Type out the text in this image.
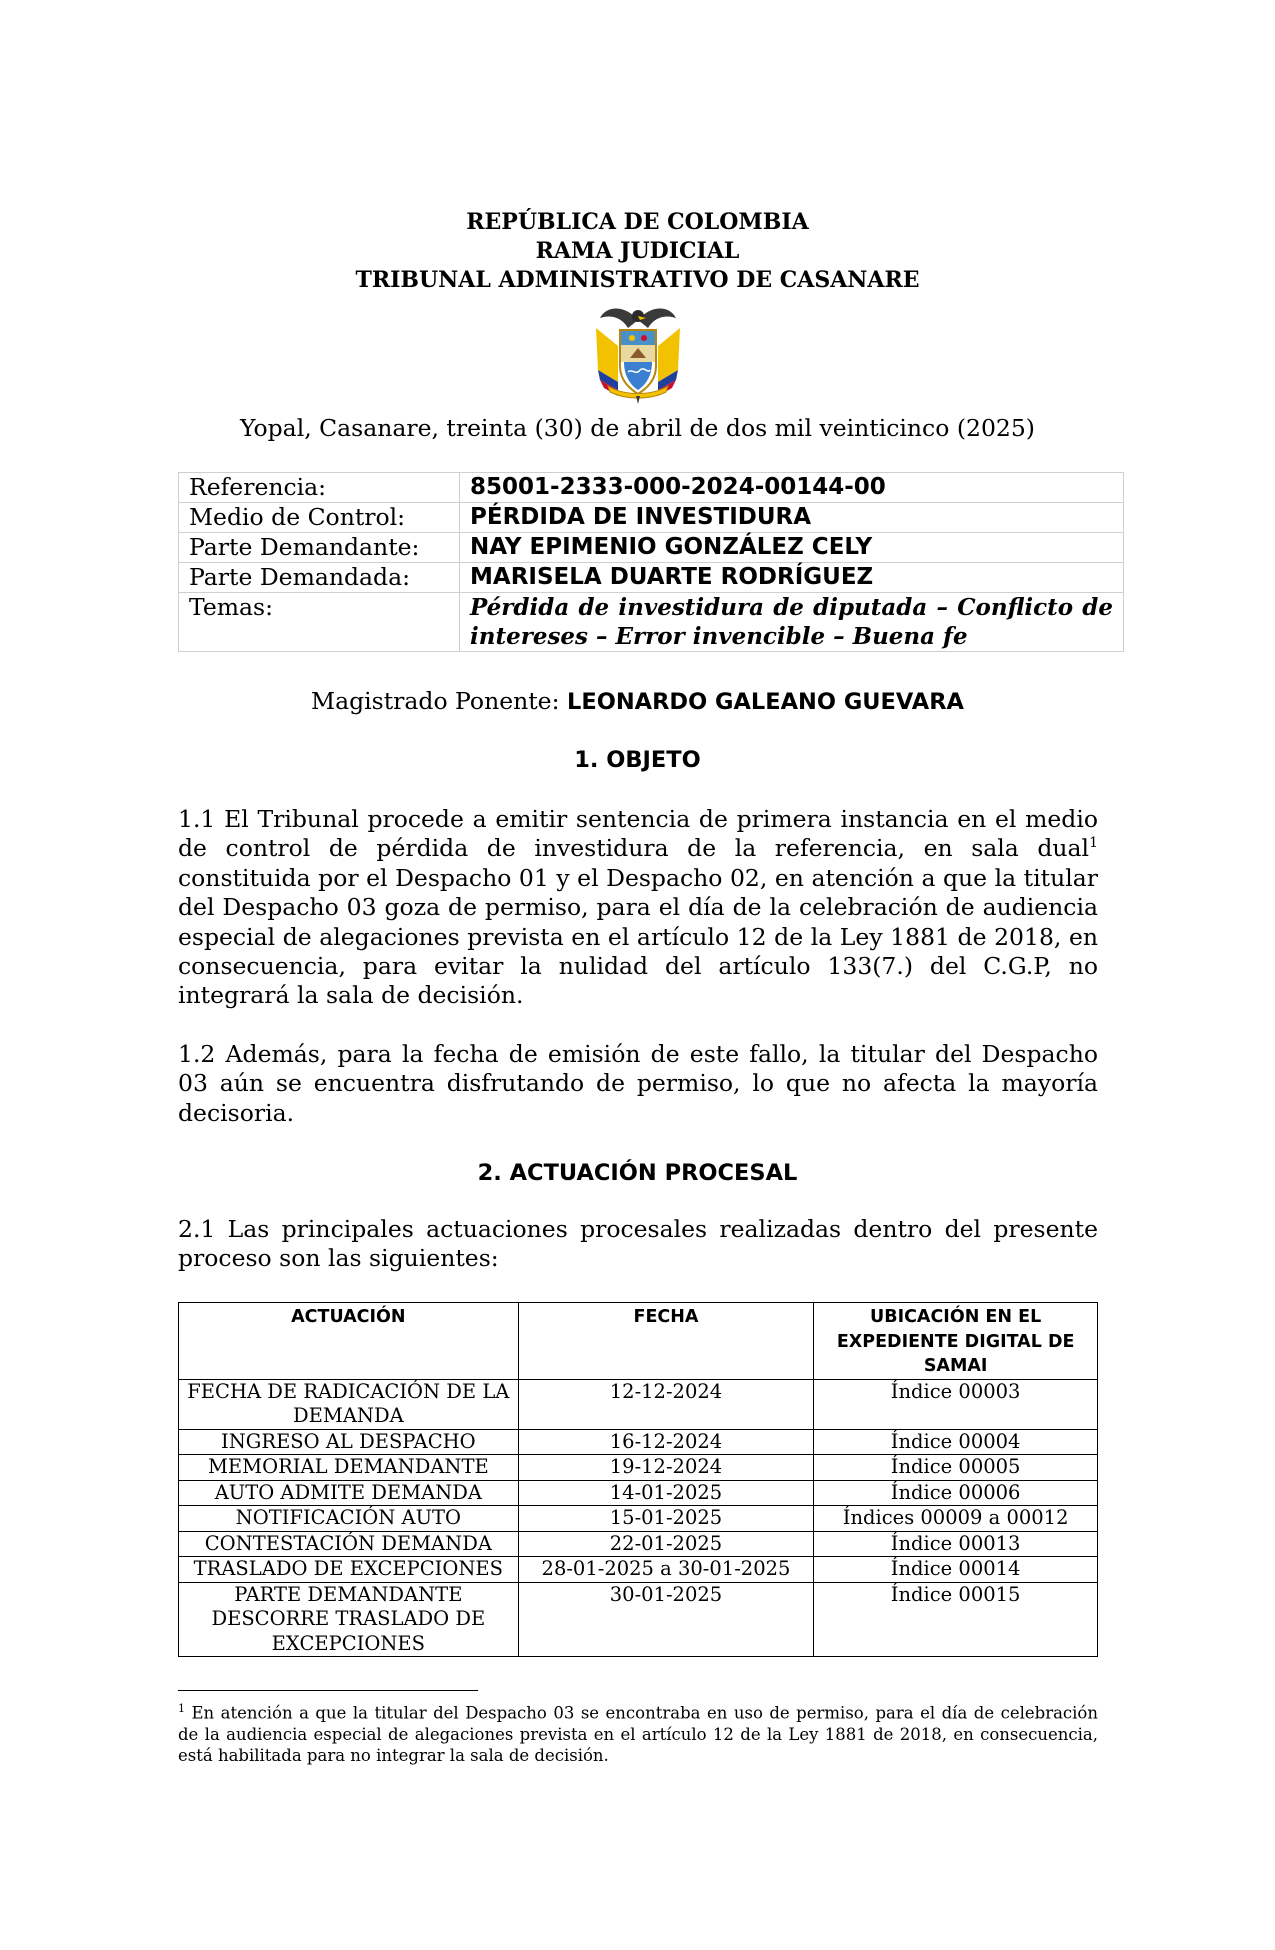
REPÚBLICA DE COLOMBIA
RAMA JUDICIAL
TRIBUNAL ADMINISTRATIVO DE CASANARE
Yopal, Casanare, treinta (30) de abril de dos mil veinticinco (2025)
Referencia:	85001-2333-000-2024-00144-00
Medio de Control:	PÉRDIDA DE INVESTIDURA
Parte Demandante:	NAY EPIMENIO GONZÁLEZ CELY
Parte Demandada:	MARISELA DUARTE RODRÍGUEZ
Temas:	Pérdida de investidura de diputada – Conflicto de intereses – Error invencible – Buena fe
Magistrado Ponente: LEONARDO GALEANO GUEVARA
1. OBJETO

1.1 El Tribunal procede a emitir sentencia de primera instancia en el medio de control de pérdida de investidura de la referencia, en sala dual$^1$ constituida por el Despacho 01 y el Despacho 02, en atención a que la titular del Despacho 03 goza de permiso, para el día de la celebración de audiencia especial de alegaciones prevista en el artículo 12 de la Ley 1881 de 2018, en consecuencia, para evitar la nulidad del artículo 133(7.) del C.G.P, no integrará la sala de decisión.

1.2 Además, para la fecha de emisión de este fallo, la titular del Despacho 03 aún se encuentra disfrutando de permiso, lo que no afecta la mayoría decisoria.

2. ACTUACIÓN PROCESAL

2.1 Las principales actuaciones procesales realizadas dentro del presente proceso son las siguientes:

ACTUACIÓN	FECHA	UBICACIÓN EN EL EXPEDIENTE DIGITAL DE SAMAI
FECHA DE RADICACIÓN DE LA DEMANDA	12-12-2024	Índice 00003
INGRESO AL DESPACHO	16-12-2024	Índice 00004
MEMORIAL DEMANDANTE	19-12-2024	Índice 00005
AUTO ADMITE DEMANDA	14-01-2025	Índice 00006
NOTIFICACIÓN AUTO	15-01-2025	Índices 00009 a 00012
CONTESTACIÓN DEMANDA	22-01-2025	Índice 00013
TRASLADO DE EXCEPCIONES	28-01-2025 a 30-01-2025	Índice 00014
PARTE DEMANDANTE DESCORRE TRASLADO DE EXCEPCIONES	30-01-2025	Índice 00015

$^1$ En atención a que la titular del Despacho 03 se encontraba en uso de permiso, para el día de celebración de la audiencia especial de alegaciones prevista en el artículo 12 de la Ley 1881 de 2018, en consecuencia, está habilitada para no integrar la sala de decisión.
